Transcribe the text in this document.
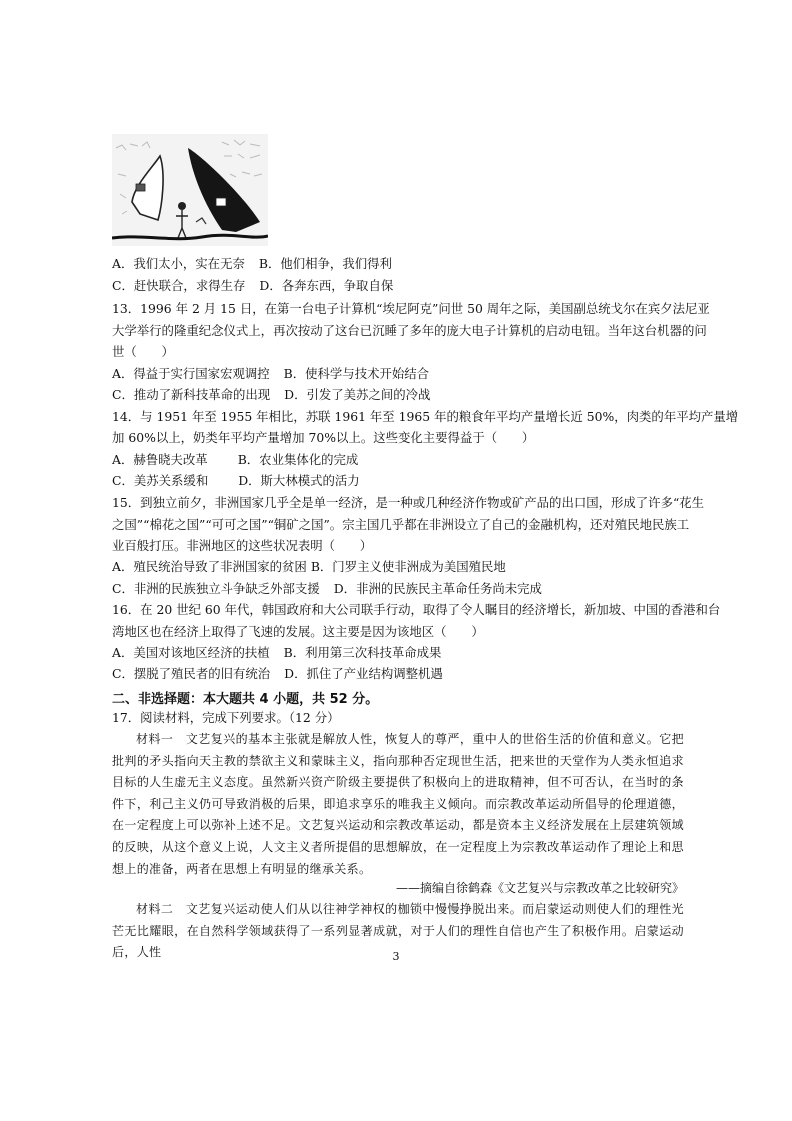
A．我们太小，实在无奈 B．他们相争，我们得利
C．赶快联合，求得生存 D．各奔东西，争取自保
13．1996 年 2 月 15 日，在第一台电子计算机“埃尼阿克”问世 50 周年之际，美国副总统戈尔在宾夕法尼亚
大学举行的隆重纪念仪式上，再次按动了这台已沉睡了多年的庞大电子计算机的启动电钮。当年这台机器的问
世（　　）
A．得益于实行国家宏观调控 B．使科学与技术开始结合
C．推动了新科技革命的出现 D．引发了美苏之间的冷战
14．与 1951 年至 1955 年相比，苏联 1961 年至 1965 年的粮食年平均产量增长近 50%，肉类的年平均产量增
加 60%以上，奶类年平均产量增加 70%以上。这些变化主要得益于（　　）
A．赫鲁晓夫改革 B．农业集体化的完成
C．美苏关系缓和 D．斯大林模式的活力
15．到独立前夕，非洲国家几乎全是单一经济，是一种或几种经济作物或矿产品的出口国，形成了许多“花生
之国”“棉花之国”“可可之国”“铜矿之国”。宗主国几乎都在非洲设立了自己的金融机构，还对殖民地民族工
业百般打压。非洲地区的这些状况表明（　　）
A．殖民统治导致了非洲国家的贫困 B．门罗主义使非洲成为美国殖民地
C．非洲的民族独立斗争缺乏外部支援 D．非洲的民族民主革命任务尚未完成
16．在 20 世纪 60 年代，韩国政府和大公司联手行动，取得了令人瞩目的经济增长，新加坡、中国的香港和台
湾地区也在经济上取得了飞速的发展。这主要是因为该地区（　　）
A．美国对该地区经济的扶植 B．利用第三次科技革命成果
C．摆脱了殖民者的旧有统治 D．抓住了产业结构调整机遇
二、非选择题：本大题共 4 小题，共 52 分。
17．阅读材料，完成下列要求。（12 分）
材料一　文艺复兴的基本主张就是解放人性，恢复人的尊严，重中人的世俗生活的价值和意义。它把批判的矛头指向天主教的禁欲主义和蒙昧主义，指向那种否定现世生活，把来世的天堂作为人类永恒追求目标的人生虚无主义态度。虽然新兴资产阶级主要提供了积极向上的进取精神，但不可否认，在当时的条件下，利己主义仍可导致消极的后果，即追求享乐的唯我主义倾向。而宗教改革运动所倡导的伦理道德，在一定程度上可以弥补上述不足。文艺复兴运动和宗教改革运动，都是资本主义经济发展在上层建筑领域的反映，从这个意义上说，人文主义者所提倡的思想解放，在一定程度上为宗教改革运动作了理论上和思想上的准备，两者在思想上有明显的继承关系。
——摘编自徐鹤森《文艺复兴与宗教改革之比较研究》
材料二　文艺复兴运动使人们从以往神学神权的枷锁中慢慢挣脱出来。而启蒙运动则使人们的理性光芒无比耀眼，在自然科学领域获得了一系列显著成就，对于人们的理性自信也产生了积极作用。启蒙运动后，人性	3
